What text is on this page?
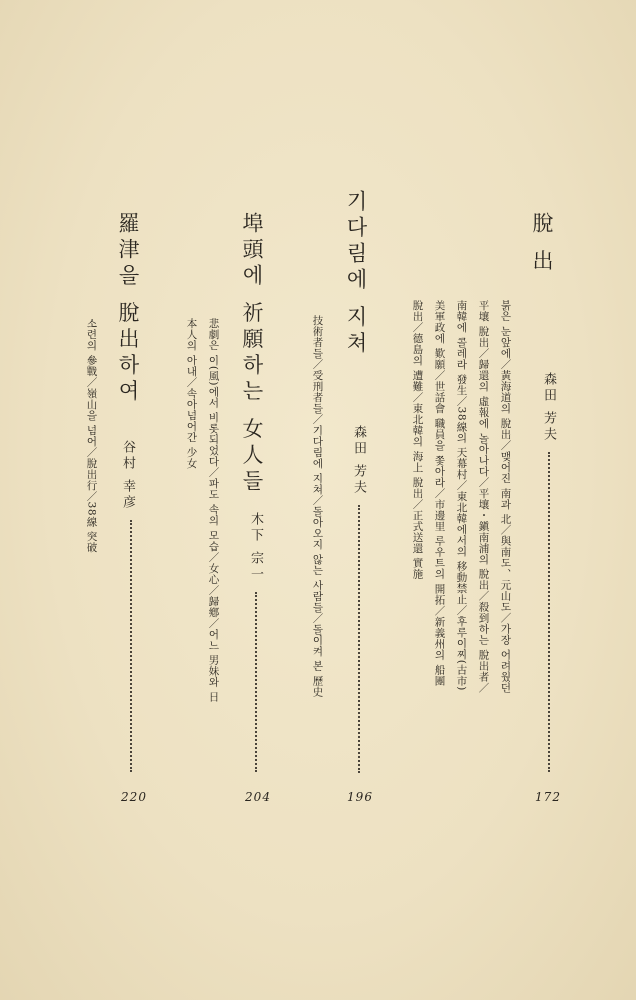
脫 出
森田 芳夫
붉은 눈앞에／黃海道의 脫出／맺어진 南과 北／與南도、元山도／가장 어려웠던
平壤 脫出／歸還의 虛報에 놀아나다／平壤・鎭南浦의 脫出／殺到하는 脫出者／
南韓에 콜레라 發生／38線의 天幕村／東北韓에서의 移動禁止／후루이찌(古市)
美軍政에 歎願／世話會 職員을 쫓아라／市邊里 루우트의 開拓／新義州의 船團
脫出／德島의 遭難／東北韓의 海上 脫出／正式送還 實施
172
기다림에 지쳐
森田 芳夫
技術者들／受刑者들／기다림에 지쳐／돌아오지 않는 사람들／돌이켜 본 歷史
196
埠頭에 祈願하는 女人들
木下 宗一
悲劇은 이(風)에서 비롯되었다／파도 속의 모습／女心／歸鄕／어느 男妹와 日
本人의 아내／속아넘어간 少女
204
羅津을 脫出하여
谷村 幸彦
소련의 參戰／嶺山을 넘어／脫出行／38線 突破
220
